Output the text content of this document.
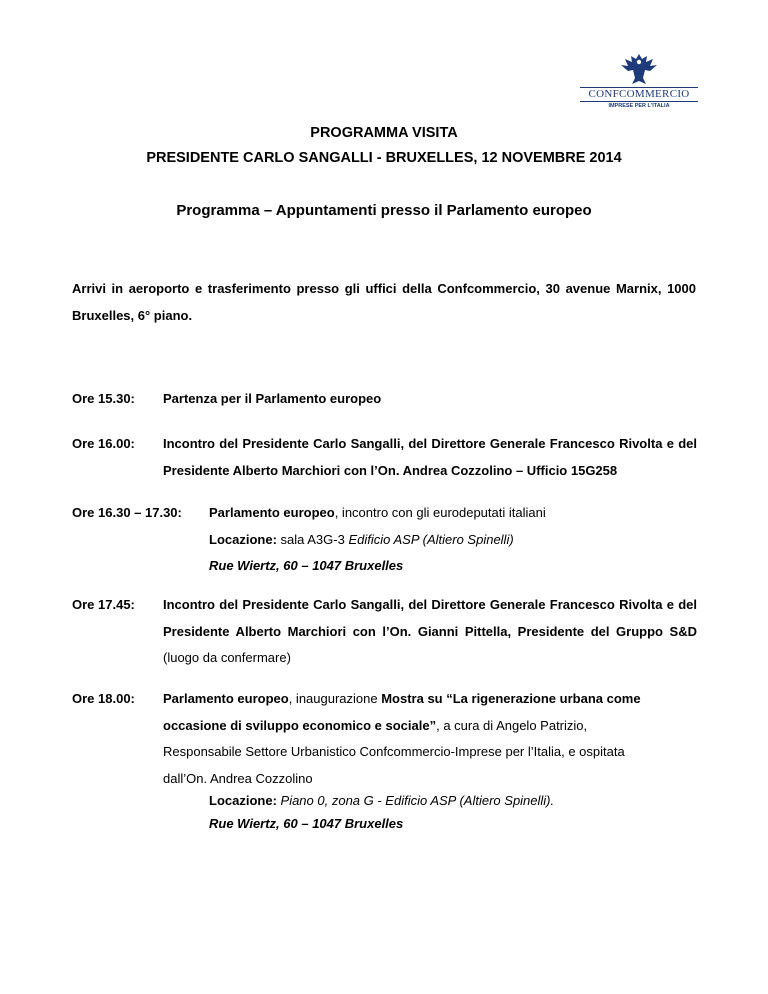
CONFCOMMERCIO
IMPRESE PER L'ITALIA
PROGRAMMA VISITA
PRESIDENTE CARLO SANGALLI - BRUXELLES, 12 NOVEMBRE 2014
Programma – Appuntamenti presso il Parlamento europeo

Arrivi in aeroporto e trasferimento presso gli uffici della Confcommercio, 30 avenue Marnix, 1000 Bruxelles, 6° piano.

Ore 15.30: Partenza per il Parlamento europeo

Ore 16.00: Incontro del Presidente Carlo Sangalli, del Direttore Generale Francesco Rivolta e del Presidente Alberto Marchiori con l’On. Andrea Cozzolino – Ufficio 15G258

Ore 16.30 – 17.30: Parlamento europeo, incontro con gli eurodeputati italiani
Locazione: sala A3G-3 Edificio ASP (Altiero Spinelli)
Rue Wiertz, 60 – 1047 Bruxelles
Ore 17.45: Incontro del Presidente Carlo Sangalli, del Direttore Generale Francesco Rivolta e del Presidente Alberto Marchiori con l’On. Gianni Pittella, Presidente del Gruppo S&D (luogo da confermare)

Ore 18.00: Parlamento europeo, inaugurazione Mostra su “La rigenerazione urbana come occasione di sviluppo economico e sociale”, a cura di Angelo Patrizio, Responsabile Settore Urbanistico Confcommercio-Imprese per l’Italia, e ospitata dall’On. Andrea Cozzolino

Locazione: Piano 0, zona G - Edificio ASP (Altiero Spinelli).
Rue Wiertz, 60 – 1047 Bruxelles
